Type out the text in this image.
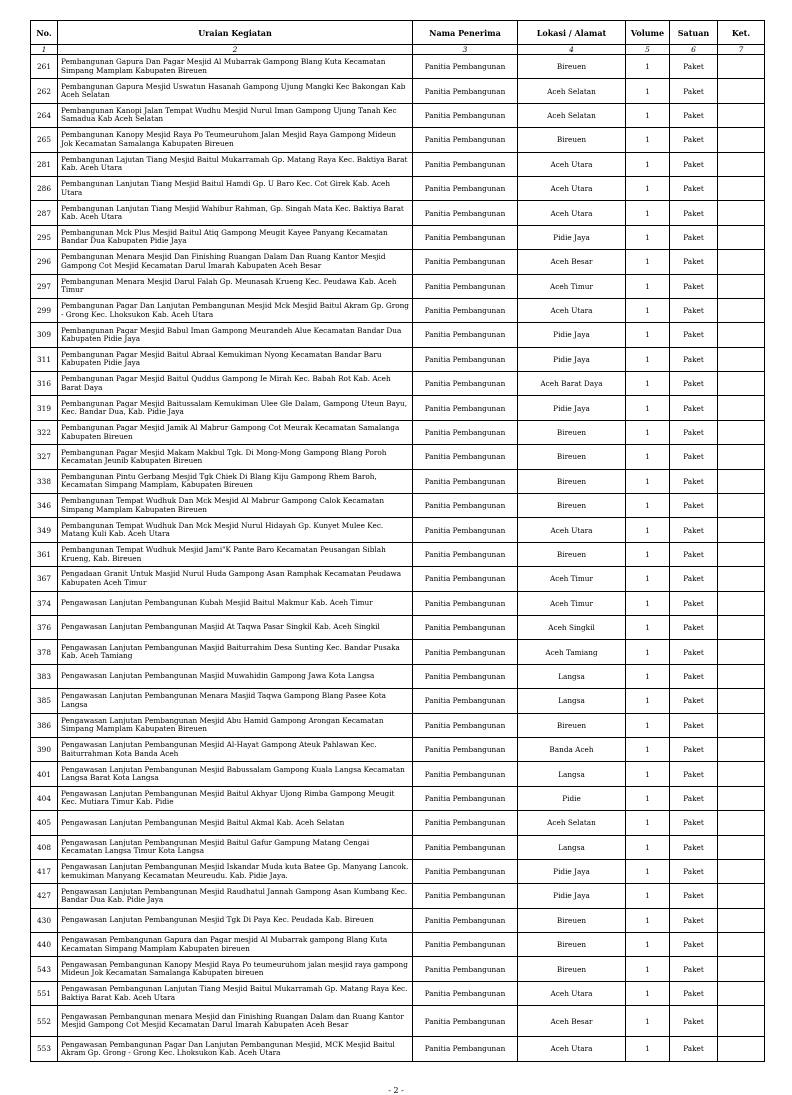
No.	Uraian Kegiatan	Nama Penerima	Lokasi / Alamat	Volume	Satuan	Ket.
1	2	3	4	5	6	7
261	Pembangunan Gapura Dan Pagar Mesjid Al Mubarrak Gampong Blang Kuta Kecamatan Simpang Mamplam Kabupaten Bireuen	Panitia Pembangunan	Bireuen	1	Paket	
262	Pembangunan Gapura Mesjid Uswatun Hasanah Gampong Ujung Mangki Kec Bakongan Kab Aceh Selatan	Panitia Pembangunan	Aceh Selatan	1	Paket	
264	Pembangunan Kanopi Jalan Tempat Wudhu Mesjid Nurul Iman Gampong Ujung Tanah Kec Samadua Kab Aceh Selatan	Panitia Pembangunan	Aceh Selatan	1	Paket	
265	Pembangunan Kanopy Mesjid Raya Po Teumeuruhom Jalan Mesjid Raya Gampong Mideun Jok Kecamatan Samalanga Kabupaten Bireuen	Panitia Pembangunan	Bireuen	1	Paket	
281	Pembangunan Lajutan Tiang Mesjid Baitul Mukarramah Gp. Matang Raya Kec. Baktiya Barat Kab. Aceh Utara	Panitia Pembangunan	Aceh Utara	1	Paket	
286	Pembangunan Lanjutan Tiang Mesjid Baitul Hamdi Gp. U Baro Kec. Cot Girek Kab. Aceh Utara	Panitia Pembangunan	Aceh Utara	1	Paket	
287	Pembangunan Lanjutan Tiang Mesjid Wahibur Rahman, Gp. Singah Mata Kec. Baktiya Barat Kab. Aceh Utara	Panitia Pembangunan	Aceh Utara	1	Paket	
295	Pembangunan Mck Plus Mesjid Baitul Atiq Gampong Meugit Kayee Panyang Kecamatan Bandar Dua Kabupaten Pidie Jaya	Panitia Pembangunan	Pidie Jaya	1	Paket	
296	Pembangunan Menara Mesjid Dan Finishing Ruangan Dalam Dan Ruang Kantor Mesjid Gampong Cot Mesjid Kecamatan Darul Imarah Kabupaten Aceh Besar	Panitia Pembangunan	Aceh Besar	1	Paket	
297	Pembangunan Menara Mesjid Darul Falah Gp. Meunasah Krueng Kec. Peudawa Kab. Aceh Timur	Panitia Pembangunan	Aceh Timur	1	Paket	
299	Pembangunan Pagar Dan Lanjutan Pembangunan Mesjid Mck Mesjid Baitul Akram Gp. Grong - Grong Kec. Lhoksukon Kab. Aceh Utara	Panitia Pembangunan	Aceh Utara	1	Paket	
309	Pembangunan Pagar Mesjid Babul Iman Gampong Meurandeh Alue Kecamatan Bandar Dua Kabupaten Pidie Jaya	Panitia Pembangunan	Pidie Jaya	1	Paket	
311	Pembangunan Pagar Mesjid Baitul Abraal Kemukiman Nyong Kecamatan Bandar Baru Kabupaten Pidie Jaya	Panitia Pembangunan	Pidie Jaya	1	Paket	
316	Pembangunan Pagar Mesjid Baitul Quddus Gampong Ie Mirah Kec. Babah Rot Kab. Aceh Barat Daya	Panitia Pembangunan	Aceh Barat Daya	1	Paket	
319	Pembangunan Pagar Mesjid Baitussalam Kemukiman Ulee Gle Dalam, Gampong Uteun Bayu, Kec. Bandar Dua, Kab. Pidie Jaya	Panitia Pembangunan	Pidie Jaya	1	Paket	
322	Pembangunan Pagar Mesjid Jamik Al Mabrur Gampong Cot Meurak Kecamatan Samalanga Kabupaten Bireuen	Panitia Pembangunan	Bireuen	1	Paket	
327	Pembangunan Pagar Mesjid Makam Makbul Tgk. Di Mong-Mong Gampong Blang Poroh Kecamatan Jeunib Kabupaten Bireuen	Panitia Pembangunan	Bireuen	1	Paket	
338	Pembangunan Pintu Gerbang Mesjid Tgk Chiek Di Blang Kiju Gampong Rhem Baroh, Kecamatan Simpang Mamplam, Kabupaten Bireuen	Panitia Pembangunan	Bireuen	1	Paket	
346	Pembangunan Tempat Wudhuk Dan Mck Mesjid Al Mabrur Gampong Calok Kecamatan Simpang Mamplam Kabupaten Bireuen	Panitia Pembangunan	Bireuen	1	Paket	
349	Pembangunan Tempat Wudhuk Dan Mck Mesjid Nurul Hidayah Gp. Kunyet Mulee Kec. Matang Kuli Kab. Aceh Utara	Panitia Pembangunan	Aceh Utara	1	Paket	
361	Pembangunan Tempat Wudhuk Mesjid Jami"K Pante Baro Kecamatan Peusangan Siblah Krueng, Kab. Bireuen	Panitia Pembangunan	Bireuen	1	Paket	
367	Pengadaan Granit Untuk Masjid Nurul Huda Gampong Asan Ramphak Kecamatan Peudawa Kabupaten Aceh Timur	Panitia Pembangunan	Aceh Timur	1	Paket	
374	Pengawasan Lanjutan Pembangunan Kubah Mesjid Baitul Makmur Kab. Aceh Timur	Panitia Pembangunan	Aceh Timur	1	Paket	
376	Pengawasan Lanjutan Pembangunan Masjid At Taqwa Pasar Singkil Kab. Aceh Singkil	Panitia Pembangunan	Aceh Singkil	1	Paket	
378	Pengawasan Lanjutan Pembangunan Masjid Baiturrahim Desa Sunting Kec. Bandar Pusaka Kab. Aceh Tamiang	Panitia Pembangunan	Aceh Tamiang	1	Paket	
383	Pengawasan Lanjutan Pembangunan Masjid Muwahidin Gampong Jawa Kota Langsa	Panitia Pembangunan	Langsa	1	Paket	
385	Pengawasan Lanjutan Pembangunan Menara Masjid Taqwa Gampong Blang Pasee Kota Langsa	Panitia Pembangunan	Langsa	1	Paket	
386	Pengawasan Lanjutan Pembangunan Mesjid Abu Hamid Gampong Arongan Kecamatan Simpang Mamplam Kabupaten Bireuen	Panitia Pembangunan	Bireuen	1	Paket	
390	Pengawasan Lanjutan Pembangunan Mesjid Al-Hayat Gampong Ateuk Pahlawan Kec. Baiturrahman Kota Banda Aceh	Panitia Pembangunan	Banda Aceh	1	Paket	
401	Pengawasan Lanjutan Pembangunan Mesjid Babussalam Gampong Kuala Langsa Kecamatan Langsa Barat Kota Langsa	Panitia Pembangunan	Langsa	1	Paket	
404	Pengawasan Lanjutan Pembangunan Mesjid Baitul Akhyar Ujong Rimba Gampong Meugit Kec. Mutiara Timur Kab. Pidie	Panitia Pembangunan	Pidie	1	Paket	
405	Pengawasan Lanjutan Pembangunan Mesjid Baitul Akmal Kab. Aceh Selatan	Panitia Pembangunan	Aceh Selatan	1	Paket	
408	Pengawasan Lanjutan Pembangunan Mesjid Baitul Gafur Gampung Matang Cengai Kecamatan Langsa Timur Kota Langsa	Panitia Pembangunan	Langsa	1	Paket	
417	Pengawasan Lanjutan Pembangunan Mesjid Iskandar Muda kuta Batee Gp. Manyang Lancok. kemukiman Manyang Kecamatan Meureudu. Kab. Pidie Jaya.	Panitia Pembangunan	Pidie Jaya	1	Paket	
427	Pengawasan Lanjutan Pembangunan Mesjid Raudhatul Jannah Gampong Asan Kumbang Kec. Bandar Dua Kab. Pidie Jaya	Panitia Pembangunan	Pidie Jaya	1	Paket	
430	Pengawasan Lanjutan Pembangunan Mesjid Tgk Di Paya Kec. Peudada Kab. Bireuen	Panitia Pembangunan	Bireuen	1	Paket	
440	Pengawasan Pembangunan Gapura dan Pagar mesjid Al Mubarrak gampong Blang Kuta Kecamatan Simpang Mamplam Kabupaten bireuen	Panitia Pembangunan	Bireuen	1	Paket	
543	Pengawasan Pembangunan Kanopy Mesjid Raya Po teumeuruhom jalan mesjid raya gampong Mideun Jok Kecamatan Samalanga Kabupaten bireuen	Panitia Pembangunan	Bireuen	1	Paket	
551	Pengawasan Pembangunan Lanjutan Tiang Mesjid Baitul Mukarramah Gp. Matang Raya Kec. Baktiya Barat Kab. Aceh Utara	Panitia Pembangunan	Aceh Utara	1	Paket	
552	Pengawasan Pembangunan menara Mesjid dan Finishing Ruangan Dalam dan Ruang Kantor Mesjid Gampong Cot Mesjid Kecamatan Darul Imarah Kabupaten Aceh Besar	Panitia Pembangunan	Aceh Besar	1	Paket	
553	Pengawasan Pembangunan Pagar Dan Lanjutan Pembangunan Mesjid, MCK Mesjid Baitul Akram Gp. Grong - Grong Kec. Lhoksukon Kab. Aceh Utara	Panitia Pembangunan	Aceh Utara	1	Paket	
- 2 -
